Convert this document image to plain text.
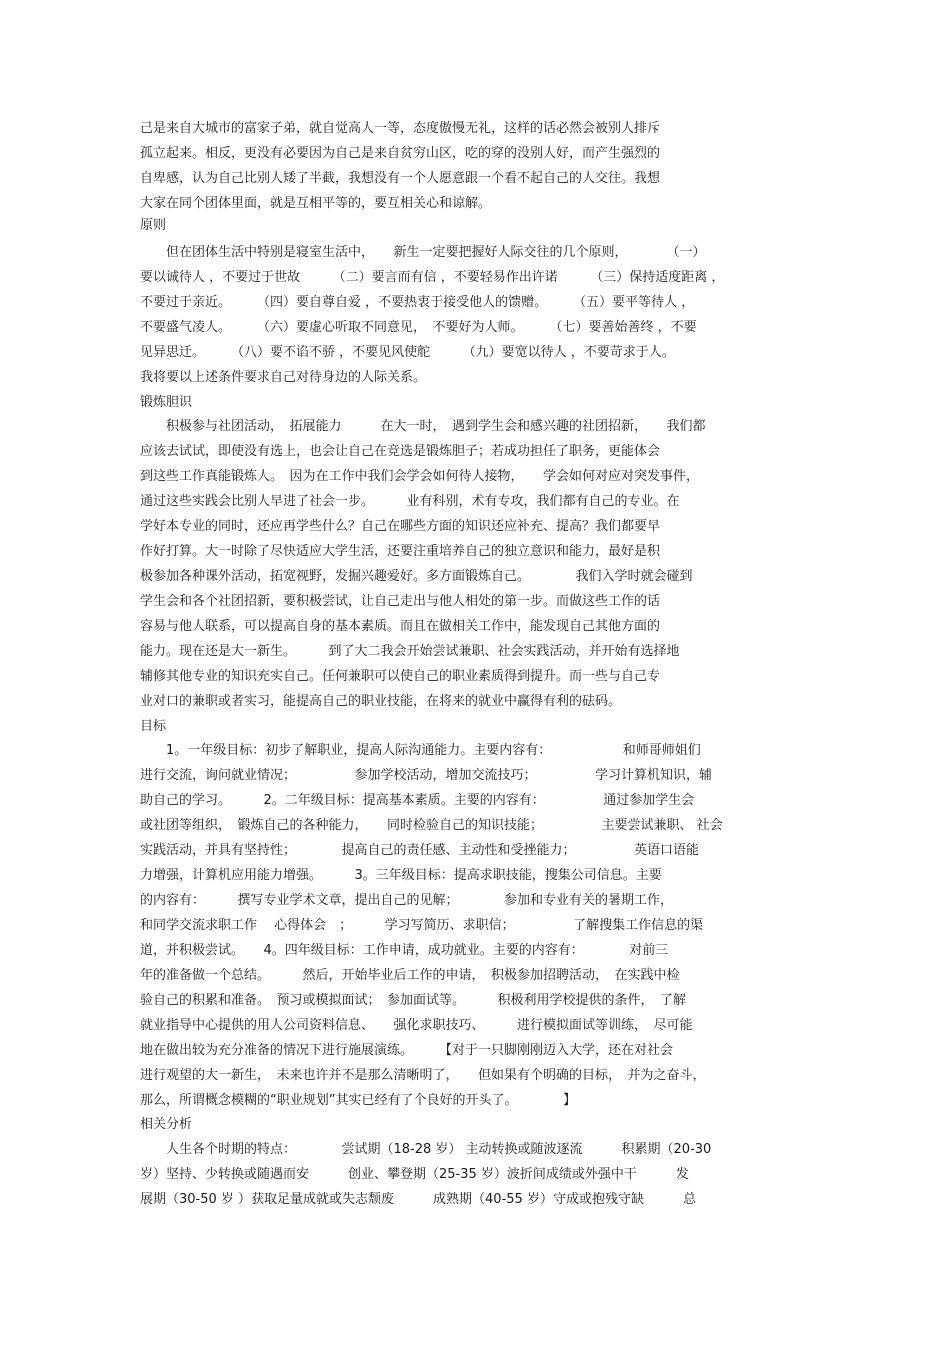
己是来自大城市的富家子弟，就自觉高人一等，态度傲慢无礼，这样的话必然会被别人排斥
孤立起来。相反，更没有必要因为自己是来自贫穷山区，吃的穿的没别人好，而产生强烈的
自卑感，认为自己比别人矮了半截，我想没有一个人愿意跟一个看不起自己的人交往。我想
大家在同个团体里面，就是互相平等的，要互相关心和谅解。
原则
　　但在团体生活中特别是寝室生活中，　　新生一定要把握好人际交往的几个原则，　　　　（一）
要以诚待人 ，不要过于世故　　　（二）要言而有信 ，不要轻易作出许诺　　　（三）保持适度距离 ，
不要过于亲近。　　　（四）要自尊自爱 ，不要热衷于接受他人的馈赠。　　　（五）要平等待人 ，
不要盛气凌人。　　　（六）要虚心听取不同意见，　不要好为人师。　　　（七）要善始善终 ，不要
见异思迁。　　　（八）要不谄不骄 ，不要见风使舵　　　（九）要宽以待人 ，不要苛求于人。
我将要以上述条件要求自己对待身边的人际关系。
锻炼胆识
　　积极参与社团活动，　拓展能力　　　在大一时，　遇到学生会和感兴趣的社团招新，　　我们都
应该去试试，即使没有选上，也会让自己在竞选是锻炼胆子；若成功担任了职务，更能体会
到这些工作真能锻炼人。　因为在工作中我们会学会如何待人接物，　　学会如何对应对突发事件，
通过这些实践会比别人早进了社会一步。　　　业有科别，术有专攻，我们都有自己的专业。在
学好本专业的同时，还应再学些什么？自己在哪些方面的知识还应补充、提高？我们都要早
作好打算。大一时除了尽快适应大学生活，还要注重培养自己的独立意识和能力，最好是积
极参加各种课外活动，拓宽视野，发掘兴趣爱好。多方面锻炼自己。　　　　我们入学时就会碰到
学生会和各个社团招新，要积极尝试，让自己走出与他人相处的第一步。而做这些工作的话
容易与他人联系，可以提高自身的基本素质。而且在做相关工作中，能发现自己其他方面的
能力。现在还是大一新生。　　　到了大二我会开始尝试兼职、社会实践活动，并开始有选择地
辅修其他专业的知识充实自己。任何兼职可以使自己的职业素质得到提升。而一些与自己专
业对口的兼职或者实习，能提高自己的职业技能，在将来的就业中赢得有利的砝码。
目标
　　1。一年级目标：初步了解职业，提高人际沟通能力。主要内容有：　　　　　　和师哥师姐们
进行交流，询问就业情况；　　　　　参加学校活动，增加交流技巧；　　　　　学习计算机知识，辅
助自己的学习。　　　2。二年级目标：提高基本素质。主要的内容有：　　　　　通过参加学生会
或社团等组织，　锻炼自己的各种能力，　　同时检验自己的知识技能；　　　　　主要尝试兼职、 社会
实践活动，并具有坚持性；　　　　提高自己的责任感、主动性和受挫能力；　　　　　英语口语能
力增强，计算机应用能力增强。　　　3。三年级目标：提高求职技能，搜集公司信息。主要
的内容有：　　　撰写专业学术文章，提出自己的见解；　　　　参加和专业有关的暑期工作，
和同学交流求职工作　 心得体会　；　　　学习写简历、求职信；　　　　　了解搜集工作信息的渠
道，并积极尝试。　　4。四年级目标：工作申请，成功就业。主要的内容有：　　　　对前三
年的准备做一个总结。　　　然后，开始毕业后工作的申请，　积极参加招聘活动，　在实践中检
验自己的积累和准备。　预习或模拟面试；　参加面试等。　　　积极利用学校提供的条件，　了解
就业指导中心提供的用人公司资料信息、　　强化求职技巧、　　　进行模拟面试等训练，　尽可能
地在做出较为充分准备的情况下进行施展演练。　　　【对于一只脚刚刚迈入大学，还在对社会
进行观望的大一新生，　未来也许并不是那么清晰明了，　　但如果有个明确的目标，　并为之奋斗，
那么，所谓概念模糊的“职业规划”其实已经有了个良好的开头了。　　　　】
相关分析
　　人生各个时期的特点：　　　　尝试期（18-28 岁） 主动转换或随波逐流　　　积累期（20-30
岁）坚持、少转换或随遇而安　　　创业、攀登期（25-35 岁）波折间成绩或外强中干　　　发
展期（30-50 岁 ）获取足量成就或失志颓废　　　成熟期（40-55 岁）守成或抱残守缺　　　总
